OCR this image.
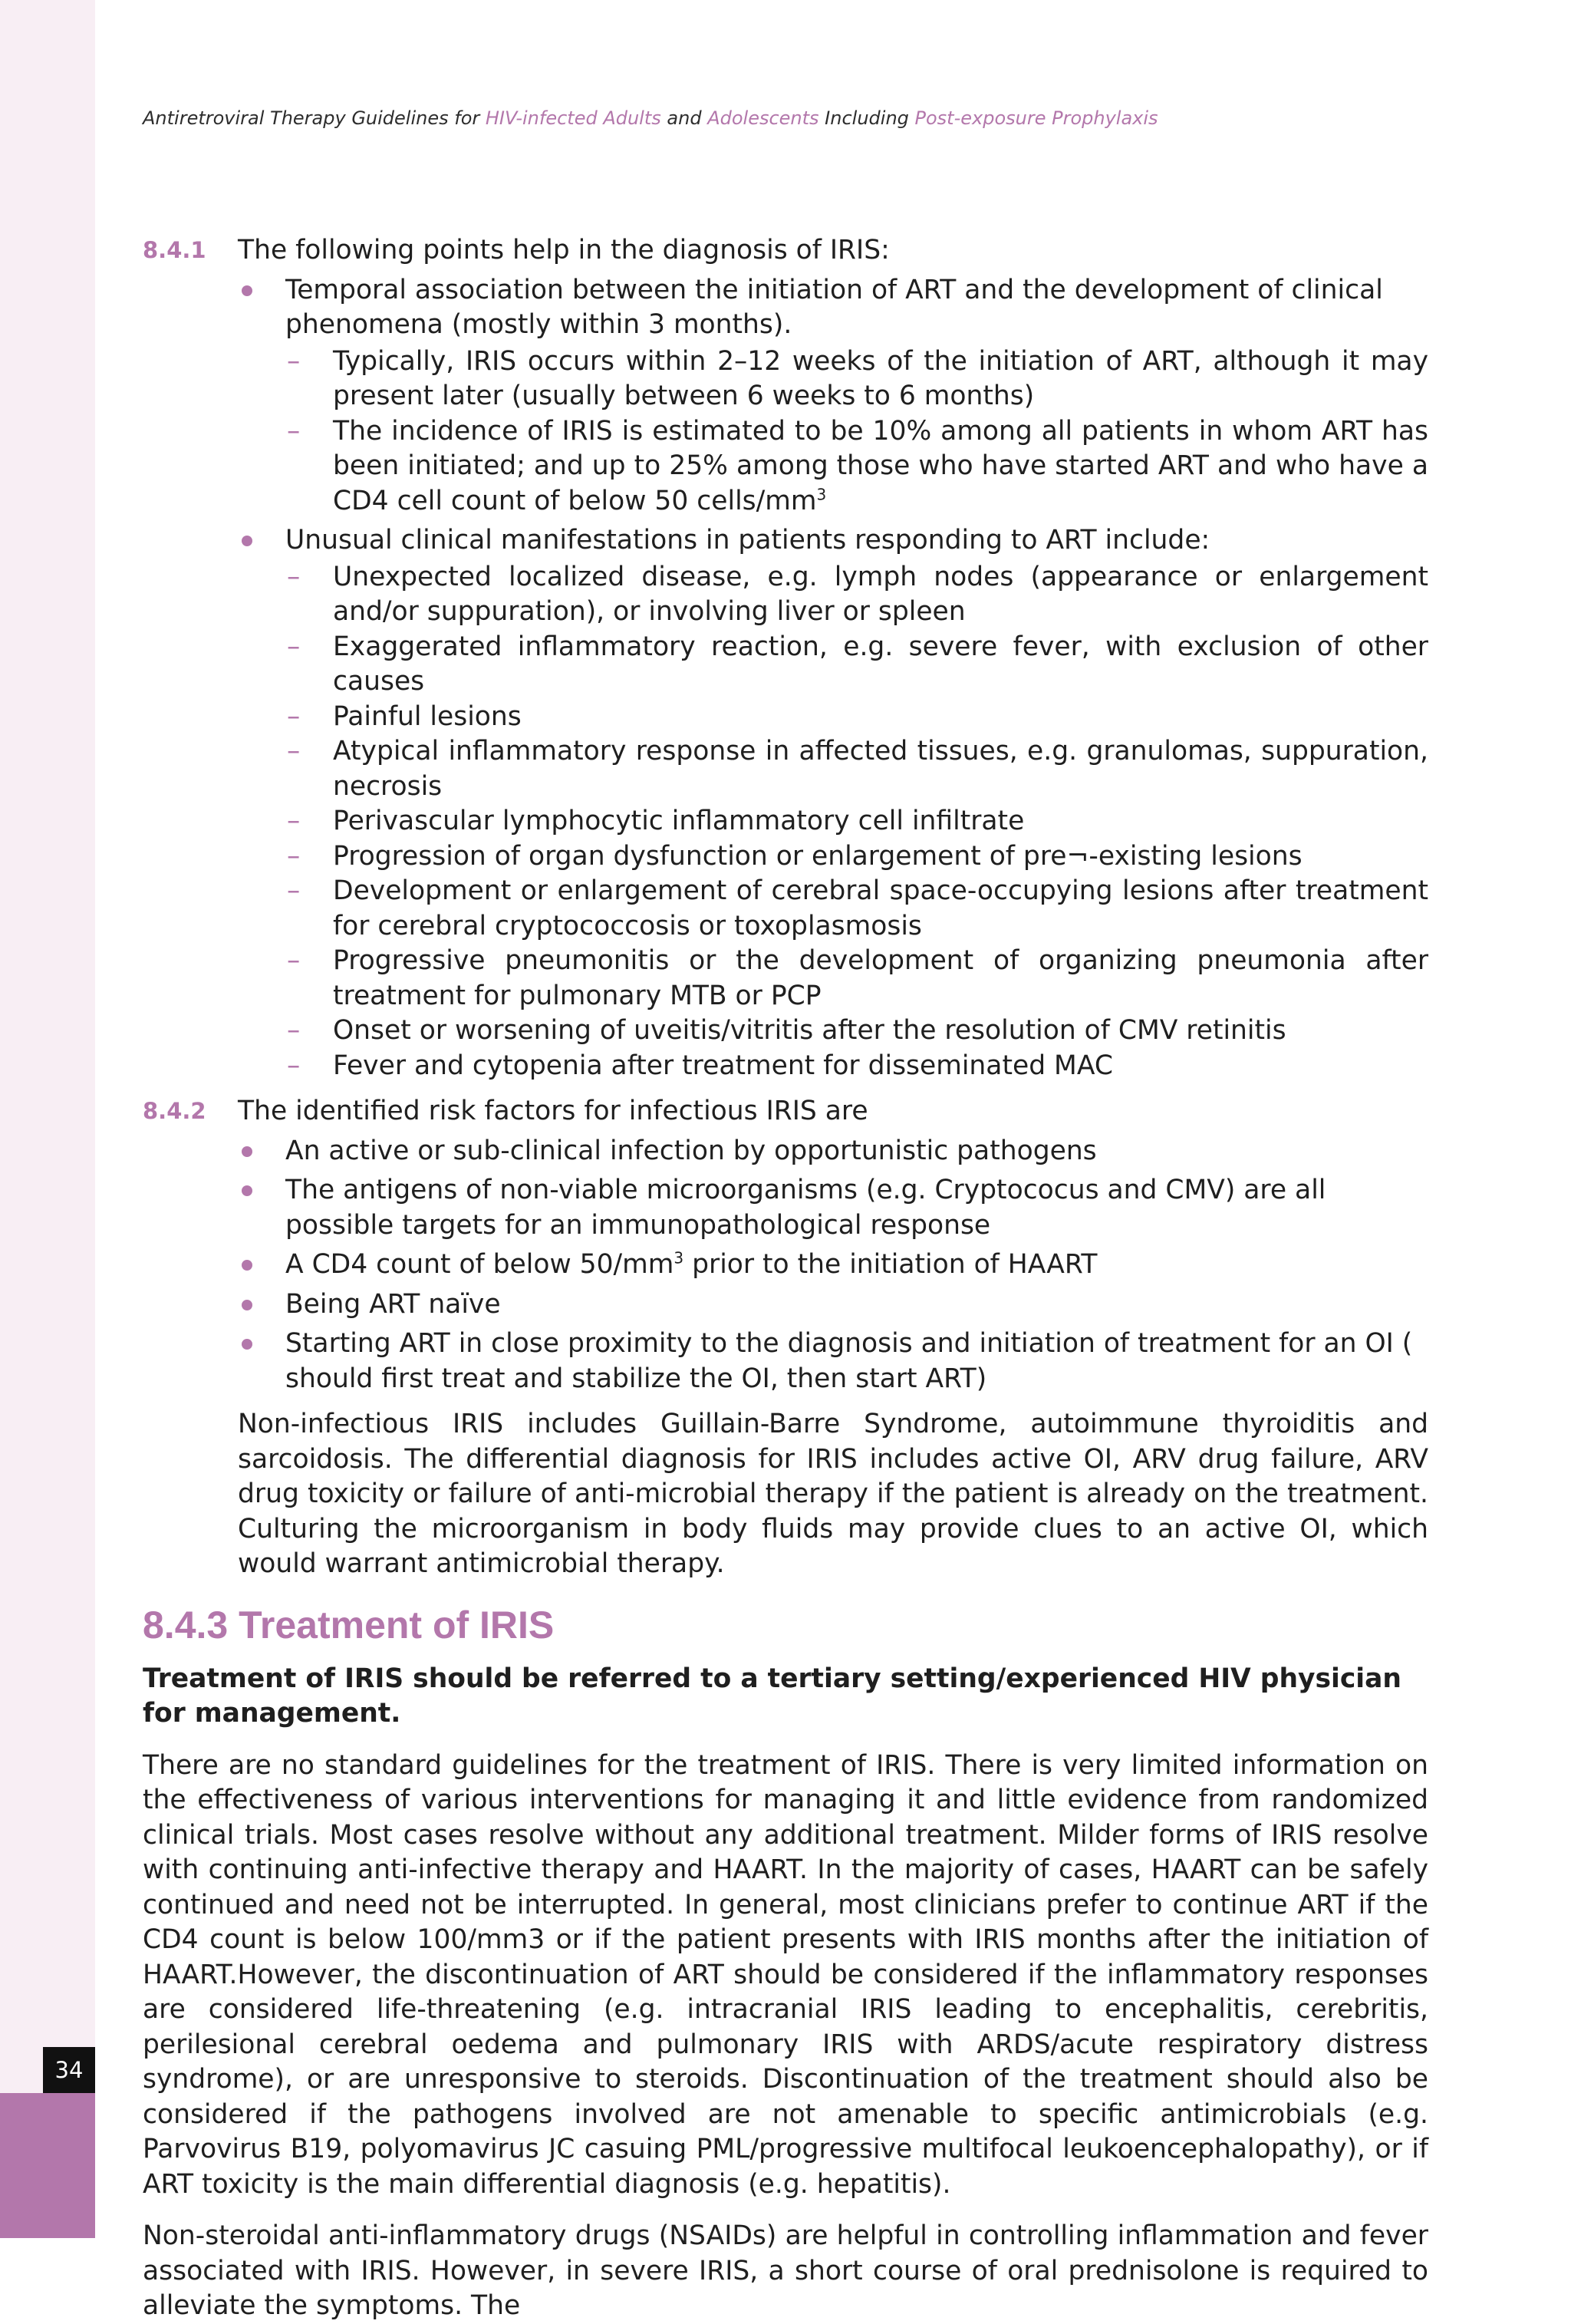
34
Antiretroviral Therapy Guidelines for HIV-infected Adults and Adolescents Including Post-exposure Prophylaxis
8.4.1 The following points help in the diagnosis of IRIS:
Temporal association between the initiation of ART and the development of clinical phenomena (mostly within 3 months).
– Typically, IRIS occurs within 2–12 weeks of the initiation of ART, although it may present later (usually between 6 weeks to 6 months)
– The incidence of IRIS is estimated to be 10% among all patients in whom ART has been initiated; and up to 25% among those who have started ART and who have a CD4 cell count of below 50 cells/$mm^3$
Unusual clinical manifestations in patients responding to ART include:
– Unexpected localized disease, e.g. lymph nodes (appearance or enlargement and/or suppuration), or involving liver or spleen
– Exaggerated inflammatory reaction, e.g. severe fever, with exclusion of other causes
– Painful lesions
– Atypical inflammatory response in affected tissues, e.g. granulomas, suppuration, necrosis
– Perivascular lymphocytic inflammatory cell infiltrate
– Progression of organ dysfunction or enlargement of pre¬-existing lesions
– Development or enlargement of cerebral space-occupying lesions after treatment for cerebral cryptococcosis or toxoplasmosis
– Progressive pneumonitis or the development of organizing pneumonia after treatment for pulmonary MTB or PCP
– Onset or worsening of uveitis/vitritis after the resolution of CMV retinitis
– Fever and cytopenia after treatment for disseminated MAC
8.4.2 The identified risk factors for infectious IRIS are
An active or sub-clinical infection by opportunistic pathogens
The antigens of non-viable microorganisms (e.g. Cryptococus and CMV) are all possible targets for an immunopathological response
A CD4 count of below $50/mm^3$ prior to the initiation of HAART
Being ART naïve
Starting ART in close proximity to the diagnosis and initiation of treatment for an OI ( should first treat and stabilize the OI, then start ART)

Non-infectious IRIS includes Guillain-Barre Syndrome, autoimmune thyroiditis and sarcoidosis. The differential diagnosis for IRIS includes active OI, ARV drug failure, ARV drug toxicity or failure of anti-microbial therapy if the patient is already on the treatment. Culturing the microorganism in body fluids may provide clues to an active OI, which would warrant antimicrobial therapy.

8.4.3 Treatment of IRIS

Treatment of IRIS should be referred to a tertiary setting/experienced HIV physician for management.

There are no standard guidelines for the treatment of IRIS. There is very limited information on the effectiveness of various interventions for managing it and little evidence from randomized clinical trials. Most cases resolve without any additional treatment. Milder forms of IRIS resolve with continuing anti-infective therapy and HAART. In the majority of cases, HAART can be safely continued and need not be interrupted. In general, most clinicians prefer to continue ART if the CD4 count is below 100/mm3 or if the patient presents with IRIS months after the initiation of HAART.However, the discontinuation of ART should be considered if the inflammatory responses are considered life-threatening (e.g. intracranial IRIS leading to encephalitis, cerebritis, perilesional cerebral oedema and pulmonary IRIS with ARDS/acute respiratory distress syndrome), or are unresponsive to steroids. Discontinuation of the treatment should also be considered if the pathogens involved are not amenable to specific antimicrobials (e.g. Parvovirus B19, polyomavirus JC casuing PML/progressive multifocal leukoencephalopathy), or if ART toxicity is the main differential diagnosis (e.g. hepatitis).

Non-steroidal anti-inflammatory drugs (NSAIDs) are helpful in controlling inflammation and fever associated with IRIS. However, in severe IRIS, a short course of oral prednisolone is required to alleviate the symptoms. The
